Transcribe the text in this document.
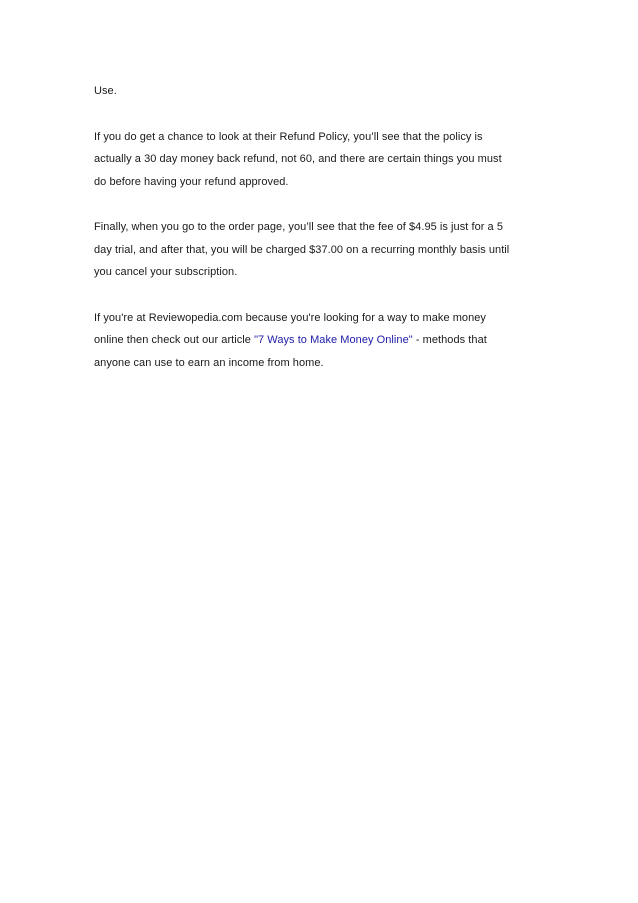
Use.

If you do get a chance to look at their Refund Policy, you’ll see that the policy is
actually a 30 day money back refund, not 60, and there are certain things you must
do before having your refund approved.

Finally, when you go to the order page, you’ll see that the fee of $4.95 is just for a 5
day trial, and after that, you will be charged $37.00 on a recurring monthly basis until
you cancel your subscription.

If you're at Reviewopedia.com because you're looking for a way to make money
online then check out our article "7 Ways to Make Money Online" - methods that
anyone can use to earn an income from home.
